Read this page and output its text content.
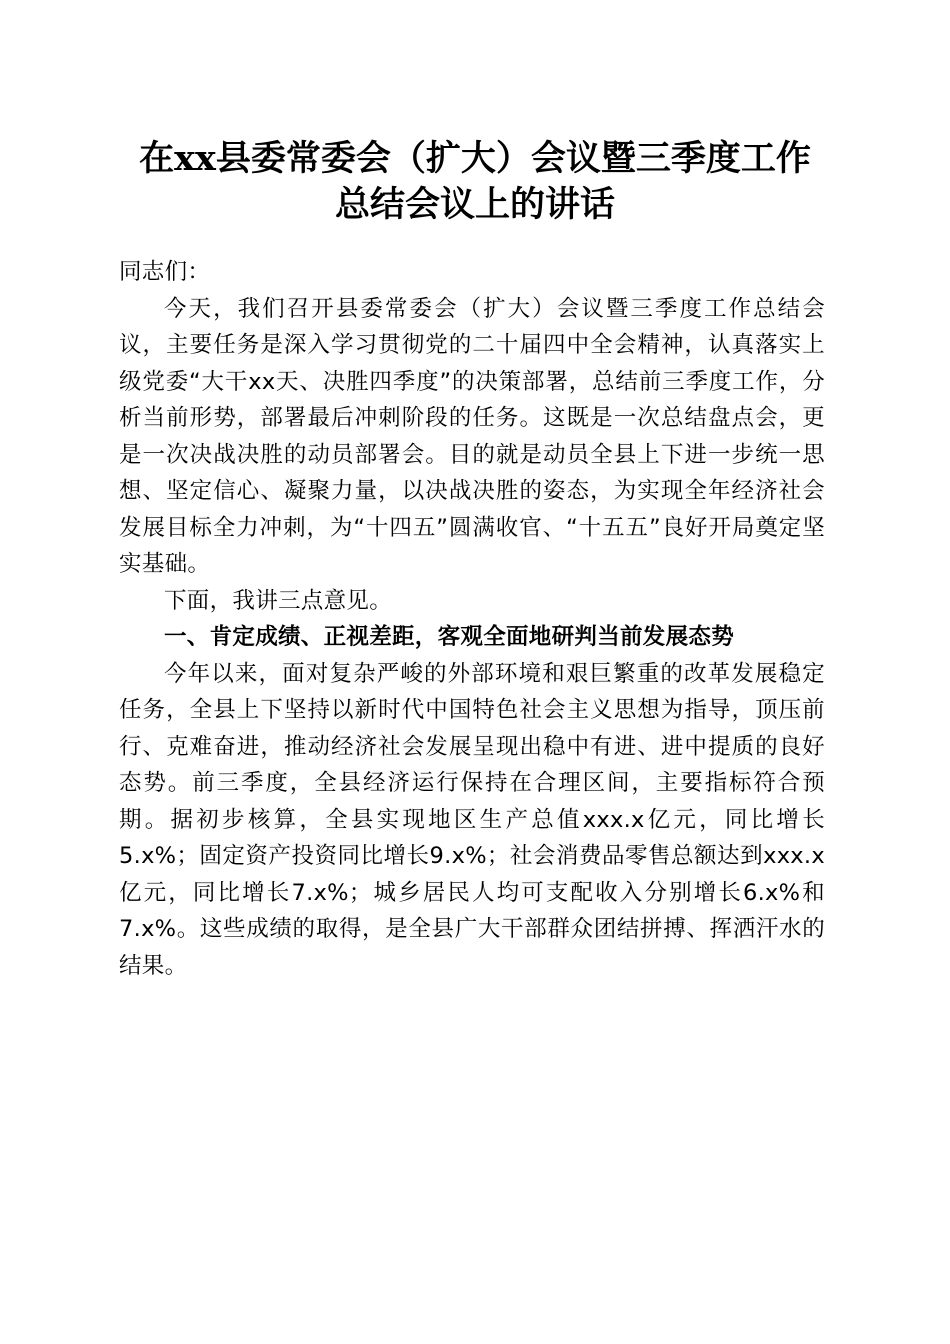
在xx县委常委会（扩大）会议暨三季度工作
总结会议上的讲话

同志们：

今天，我们召开县委常委会（扩大）会议暨三季度工作总结会议，主要任务是深入学习贯彻党的二十届四中全会精神，认真落实上级党委“大干xx天、决胜四季度”的决策部署，总结前三季度工作，分析当前形势，部署最后冲刺阶段的任务。这既是一次总结盘点会，更是一次决战决胜的动员部署会。目的就是动员全县上下进一步统一思想、坚定信心、凝聚力量，以决战决胜的姿态，为实现全年经济社会发展目标全力冲刺，为“十四五”圆满收官、“十五五”良好开局奠定坚实基础。

下面，我讲三点意见。

一、肯定成绩、正视差距，客观全面地研判当前发展态势

今年以来，面对复杂严峻的外部环境和艰巨繁重的改革发展稳定任务，全县上下坚持以新时代中国特色社会主义思想为指导，顶压前行、克难奋进，推动经济社会发展呈现出稳中有进、进中提质的良好态势。前三季度，全县经济运行保持在合理区间，主要指标符合预期。据初步核算，全县实现地区生产总值xxx.x亿元，同比增长5.x%；固定资产投资同比增长9.x%；社会消费品零售总额达到xxx.x亿元，同比增长7.x%；城乡居民人均可支配收入分别增长6.x%和7.x%。这些成绩的取得，是全县广大干部群众团结拼搏、挥洒汗水的结果。
